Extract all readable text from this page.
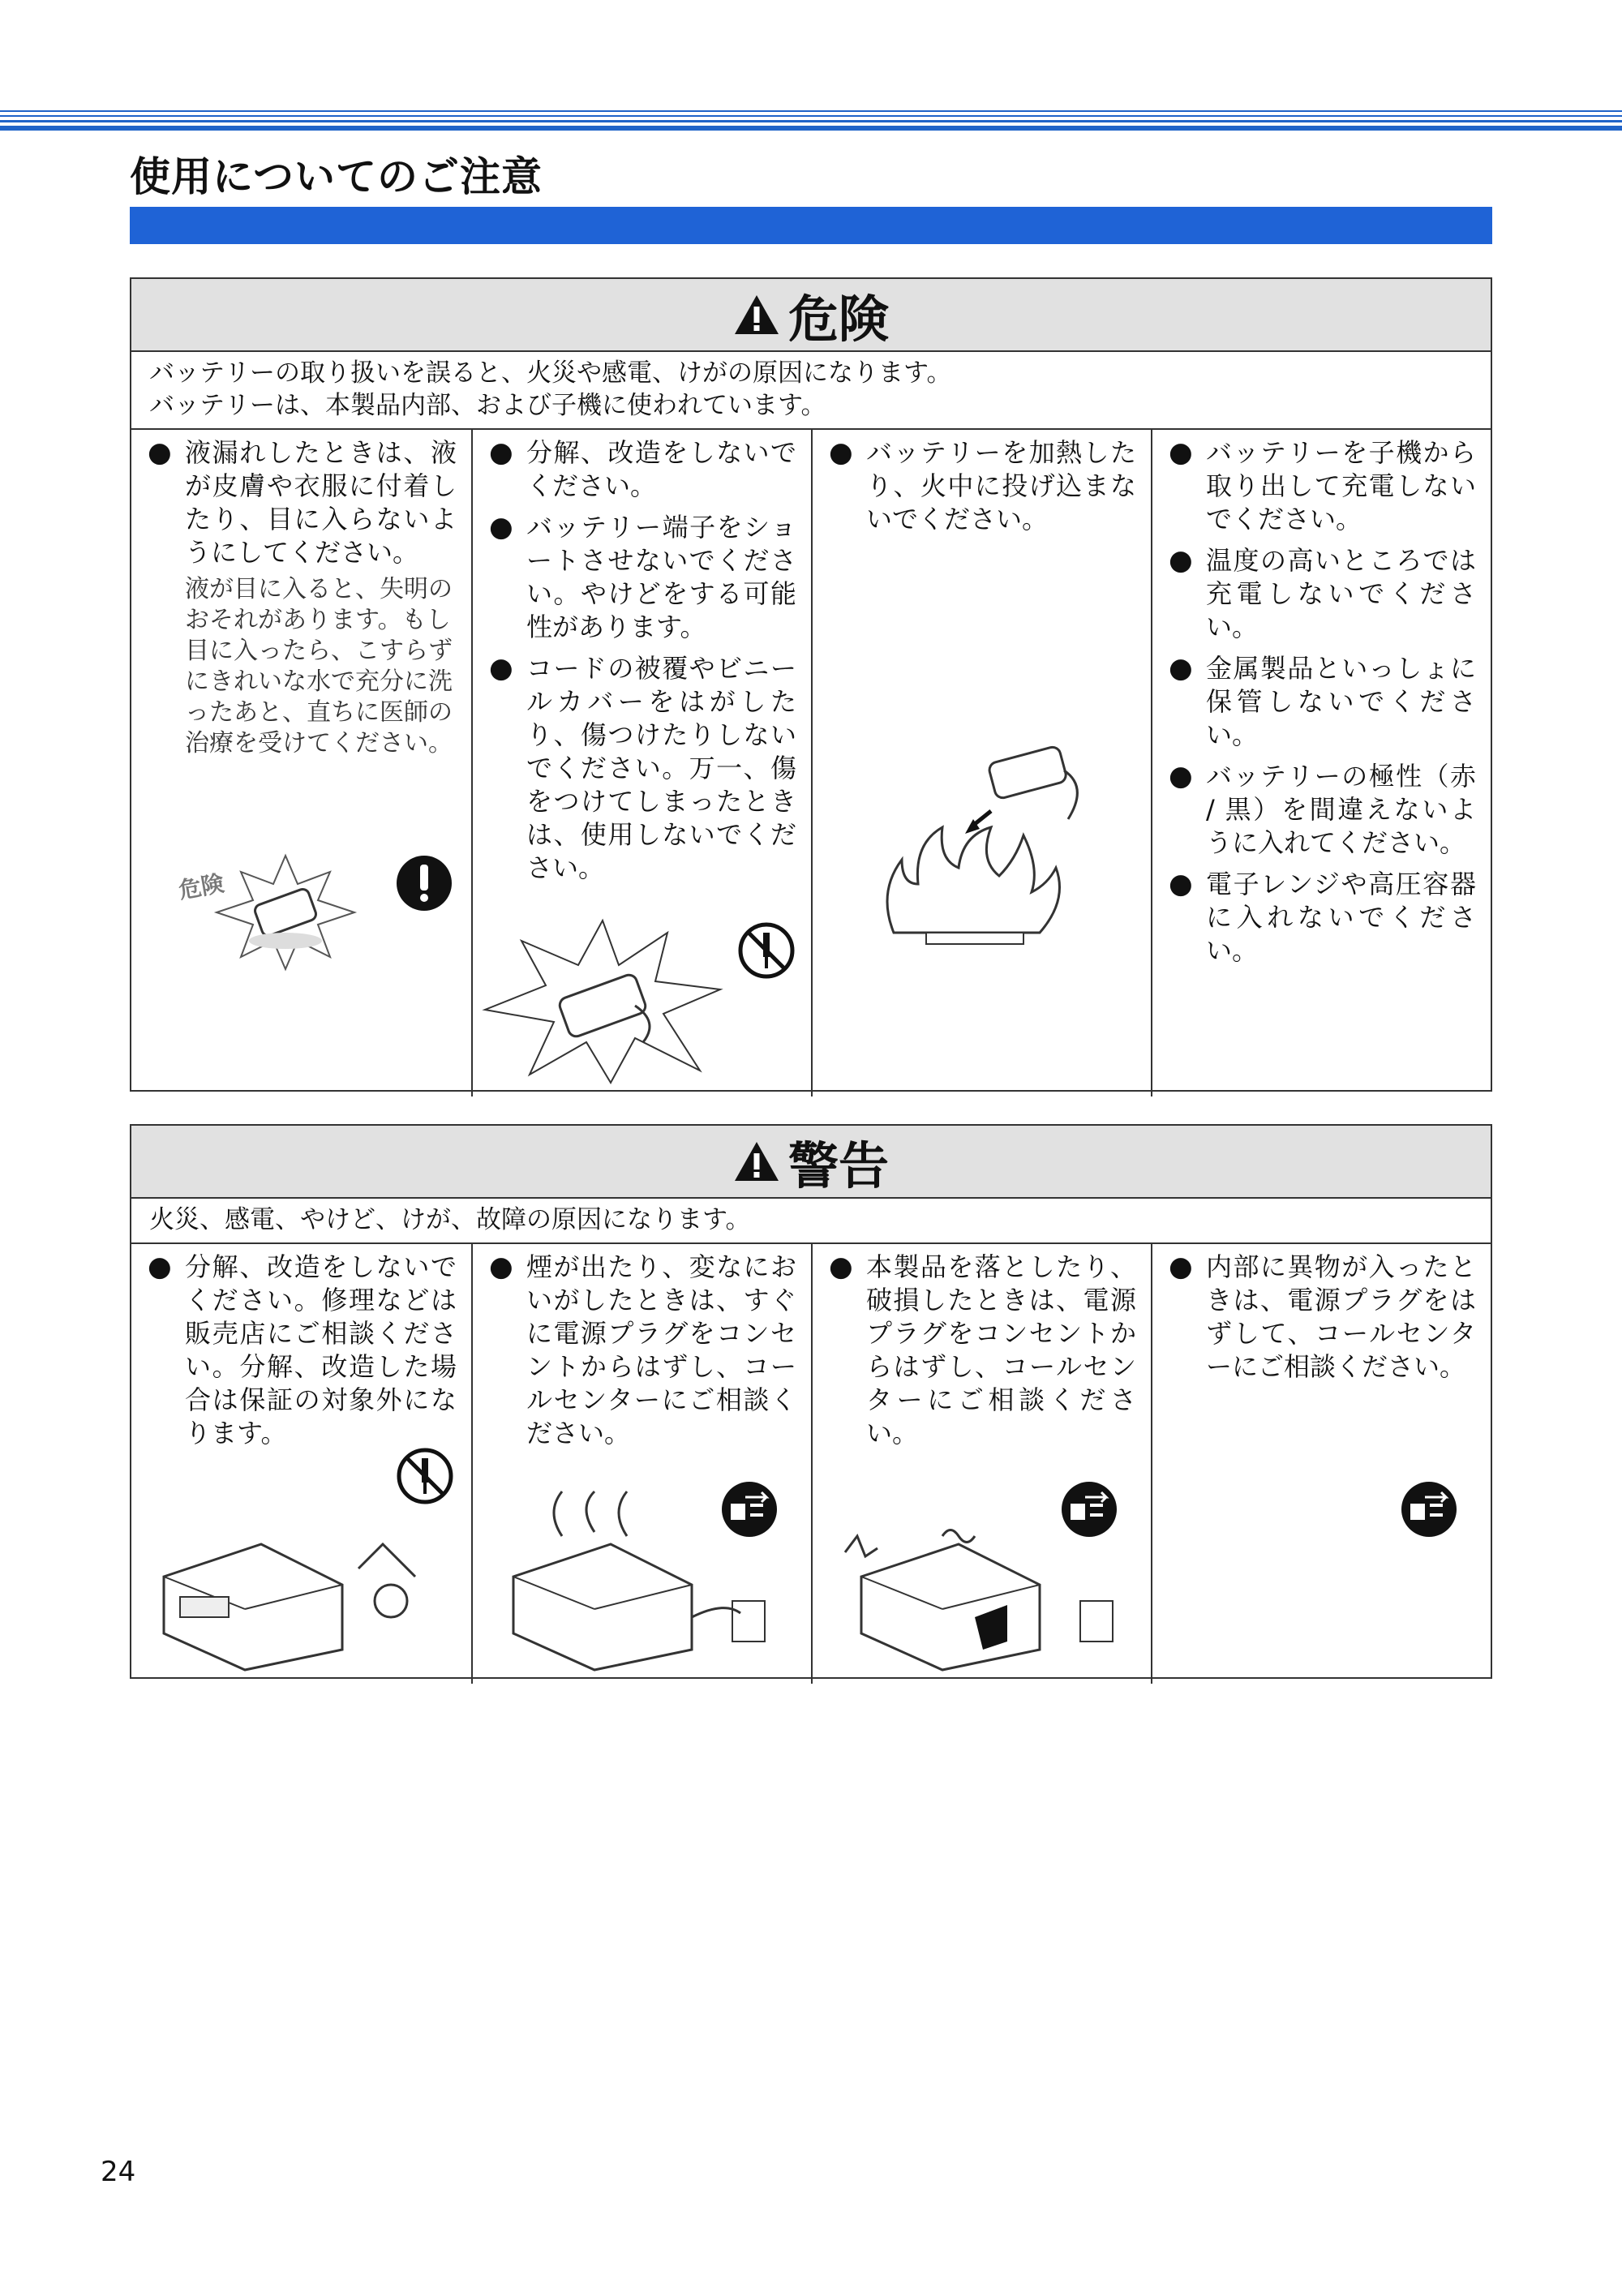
使用についてのご注意
危険
バッテリーの取り扱いを誤ると、火災や感電、けがの原因になります。
バッテリーは、本製品内部、および子機に使われています。
● 液漏れしたときは、液が皮膚や衣服に付着したり、目に入らないようにしてください。
液が目に入ると、失明のおそれがあります。もし目に入ったら、こすらずにきれいな水で充分に洗ったあと、直ちに医師の治療を受けてください。
危険
● 分解、改造をしないでください。
● バッテリー端子をショートさせないでください。やけどをする可能性があります。
● コードの被覆やビニールカバーをはがしたり、傷つけたりしないでください。万一、傷をつけてしまったときは、使用しないでください。
● バッテリーを加熱したり、火中に投げ込まないでください。
● バッテリーを子機から取り出して充電しないでください。
● 温度の高いところでは充電しないでください。
● 金属製品といっしょに保管しないでください。
● バッテリーの極性（赤 / 黒）を間違えないように入れてください。
● 電子レンジや高圧容器に入れないでください。
警告
火災、感電、やけど、けが、故障の原因になります。
● 分解、改造をしないでください。修理などは販売店にご相談ください。分解、改造した場合は保証の対象外になります。
● 煙が出たり、変なにおいがしたときは、すぐに電源プラグをコンセントからはずし、コールセンターにご相談ください。
● 本製品を落としたり、破損したときは、電源プラグをコンセントからはずし、コールセンターにご相談ください。
● 内部に異物が入ったときは、電源プラグをはずして、コールセンターにご相談ください。
24
